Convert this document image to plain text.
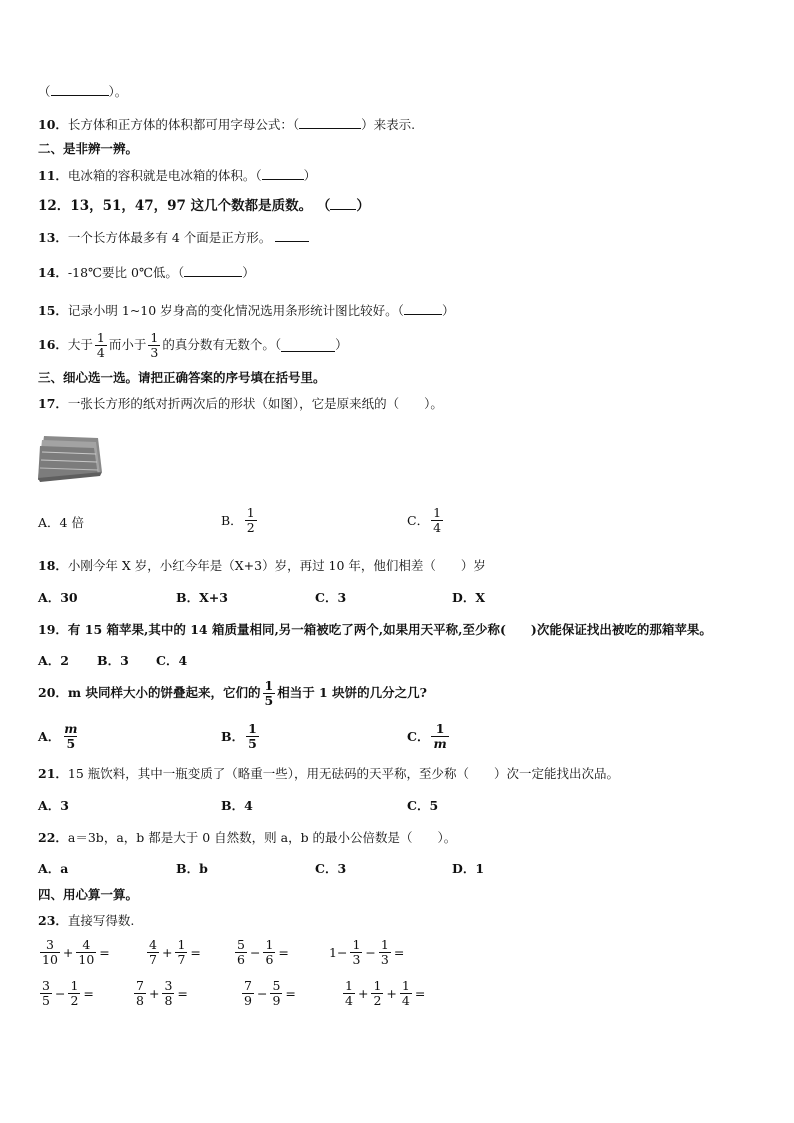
（	）。
10．长方体和正方体的体积都可用字母公式：（	）来表示.
二、是非辨一辨。
11．电冰箱的容积就是电冰箱的体积。（	）
12．13，51，47，97 这几个数都是质数。 （ ）
13．一个长方体最多有 4 个面是正方形。
14．-18℃要比 0℃低。（	）
15．记录小明 1~10 岁身高的变化情况选用条形统计图比较好。（	）
16． 大于 $\frac{1}{4}$ 而小于 $\frac{1}{3}$ 的真分数有无数个。（	）
三、细心选一选。请把正确答案的序号填在括号里。
17．一张长方形的纸对折两次后的形状（如图），它是原来纸的（　　）。
A．4 倍	B． $\frac{1}{2}$	C． $\frac{1}{4}$
18．小刚今年 X 岁，小红今年是（X+3）岁，再过 10 年，他们相差（　　）岁
A．30	B．X+3	C．3	D．X
19．有 15 箱苹果,其中的 14 箱质量相同,另一箱被吃了两个,如果用天平称,至少称(　　)次能保证找出被吃的那箱苹果。
A．2 B．3 C．4
20． m 块同样大小的饼叠起来，它们的 $\frac{1}{5}$ 相当于 1 块饼的几分之几?
A． $\frac{m}{5}$	B． $\frac{1}{5}$	C． $\frac{1}{m}$
21．15 瓶饮料，其中一瓶变质了（略重一些），用无砝码的天平称，至少称（　　）次一定能找出次品。
A．3	B．4	C．5
22．a＝3b，a，b 都是大于 0 自然数，则 a，b 的最小公倍数是（　　）。
A．a	B．b	C．3	D．1
四、用心算一算。
23．直接写得数.
$\frac{3}{10} + \frac{4}{10}$ =	$\frac{4}{7} + \frac{1}{7}$ =	$\frac{5}{6} - \frac{1}{6}$ =	$1- \frac{1}{3} - \frac{1}{3}$ =
$\frac{3}{5} - \frac{1}{2}$ =	$\frac{7}{8} + \frac{3}{8}$ =	$\frac{7}{9} - \frac{5}{9}$ =	$\frac{1}{4} + \frac{1}{2} + \frac{1}{4}$ =
